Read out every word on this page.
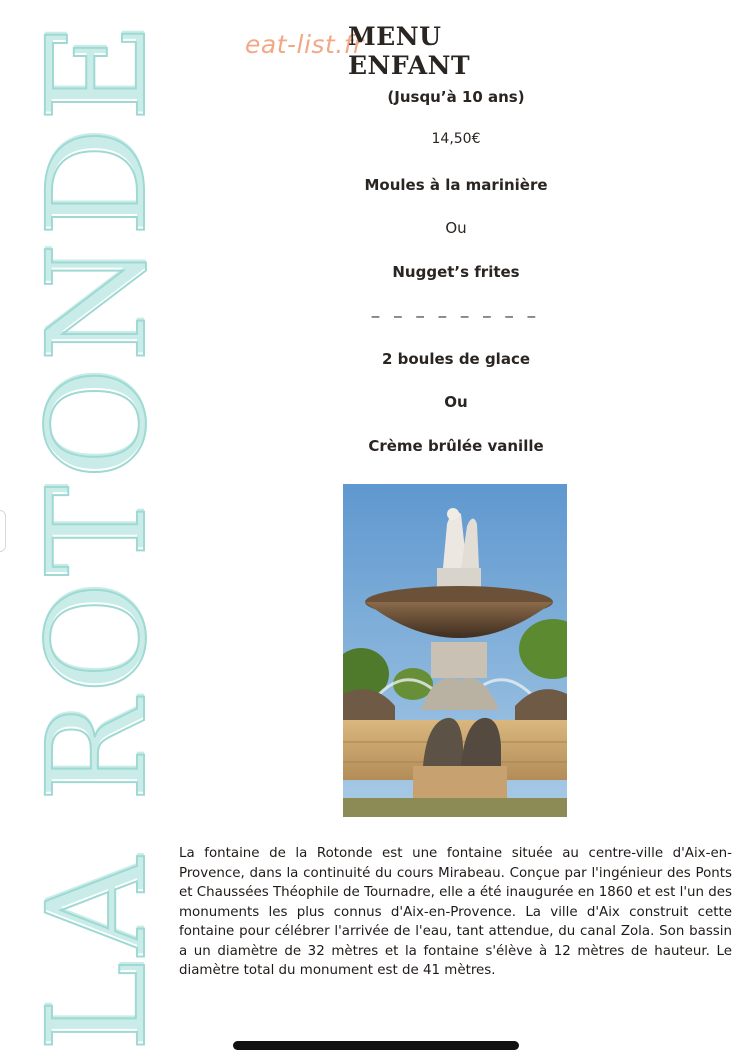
LA ROTONDE	eat-list.fr
MENU ENFANT
(Jusqu’à 10 ans)
14,50€
Moules à la marinière
Ou
Nugget’s frites
_ _ _ _ _ _ _ _
2 boules de glace
Ou
Crème brûlée vanille

La fontaine de la Rotonde est une fontaine située au centre-ville d'Aix-en-Provence, dans la continuité du cours Mirabeau. Conçue par l'ingénieur des Ponts et Chaussées Théophile de Tournadre, elle a été inaugurée en 1860 et est l'un des monuments les plus connus d'Aix-en-Provence. La ville d'Aix construit cette fontaine pour célébrer l'arrivée de l'eau, tant attendue, du canal Zola. Son bassin a un diamètre de 32 mètres et la fontaine s'élève à 12 mètres de hauteur. Le diamètre total du monument est de 41 mètres.
